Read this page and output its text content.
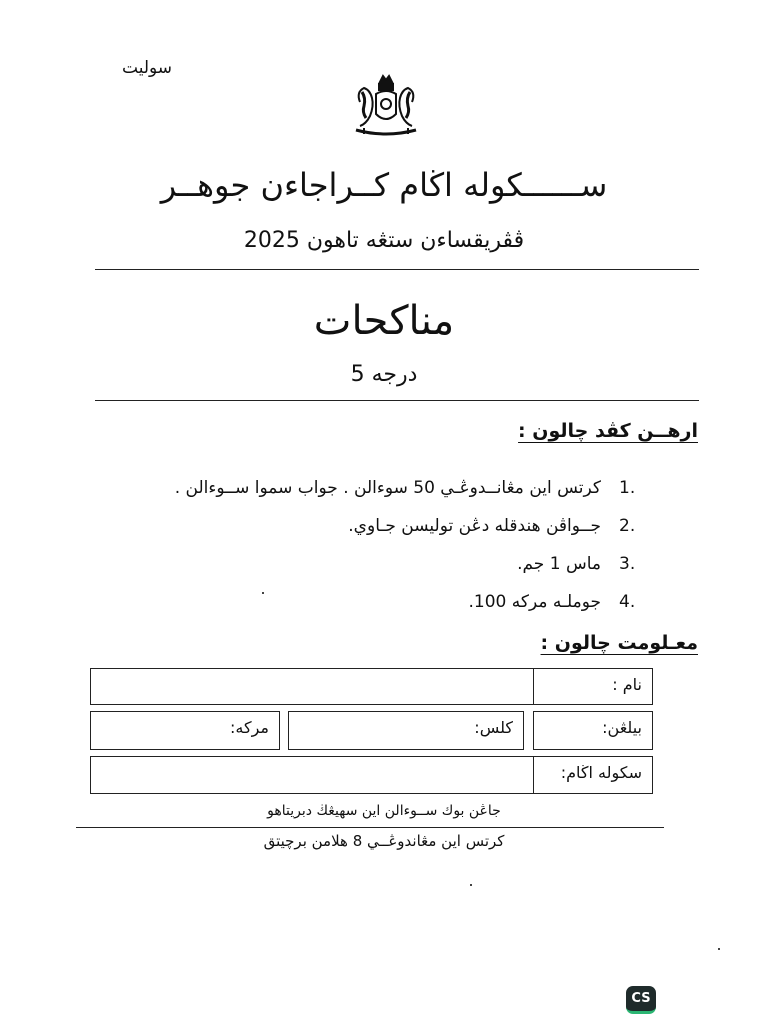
سوليت
ســــــكوله اڬام كــراجاءن جوهــر
ڤڤريقساءن ستڠه تاهون 2025
مناكحات
درجه 5
ارهــن كڤد چالون :
1.
كرتس اين مڠانــدوڠـي 50 سوءالن . جواب سموا ســوءالن .
2.
جــواڤن هندقله دڠن توليسن جـاوي.
3.
ماس 1 جم.
4.
جوملـه مركه 100.
معـلومت چالون :
نام :
مركه:	كلس:	بيلڠن:
سكوله اڬام:
جاڠن بوك ســوءالن اين سهيڠڬ دبريتاهو
كرتس اين مڠاندوڠــي 8 هلامن برچيتق
CS
